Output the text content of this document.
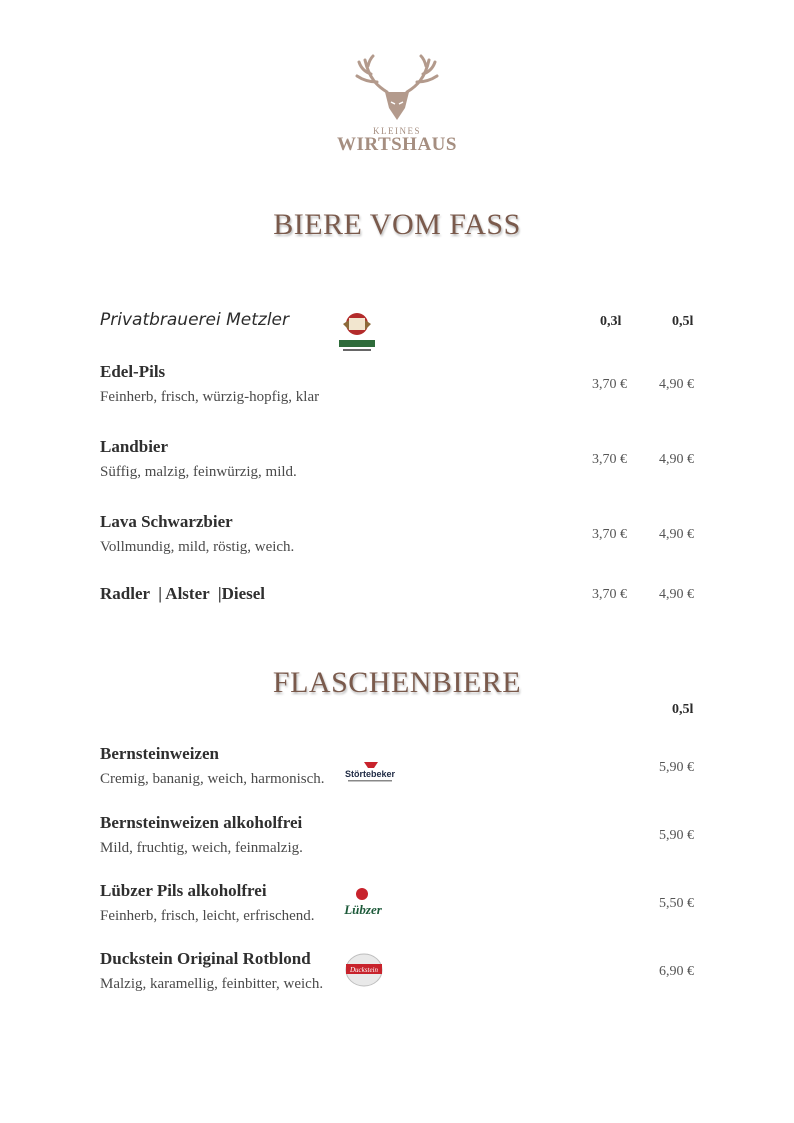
KLEINES
WIRTSHAUS
BIERE VOM FASS
Privatbrauerei Metzler	0,3l	0,5l
Edel-Pils
Feinherb, frisch, würzig-hopfig, klar
3,70 €	4,90 €
Landbier
Süffig, malzig, feinwürzig, mild.
3,70 €	4,90 €
Lava Schwarzbier
Vollmundig, mild, röstig, weich.
3,70 €	4,90 €
Radler  | Alster  |Diesel	3,70 €	4,90 €
FLASCHENBIERE
0,5l
Bernsteinweizen
Cremig, bananig, weich, harmonisch. Störtebeker	5,90 €
Bernsteinweizen alkoholfrei
Mild, fruchtig, weich, feinmalzig.
5,90 €
Lübzer Pils alkoholfrei
Feinherb, frisch, leicht, erfrischend. Lübzer	5,50 €
Duckstein Original Rotblond
Malzig, karamellig, feinbitter, weich.
Duckstein	6,90 €
